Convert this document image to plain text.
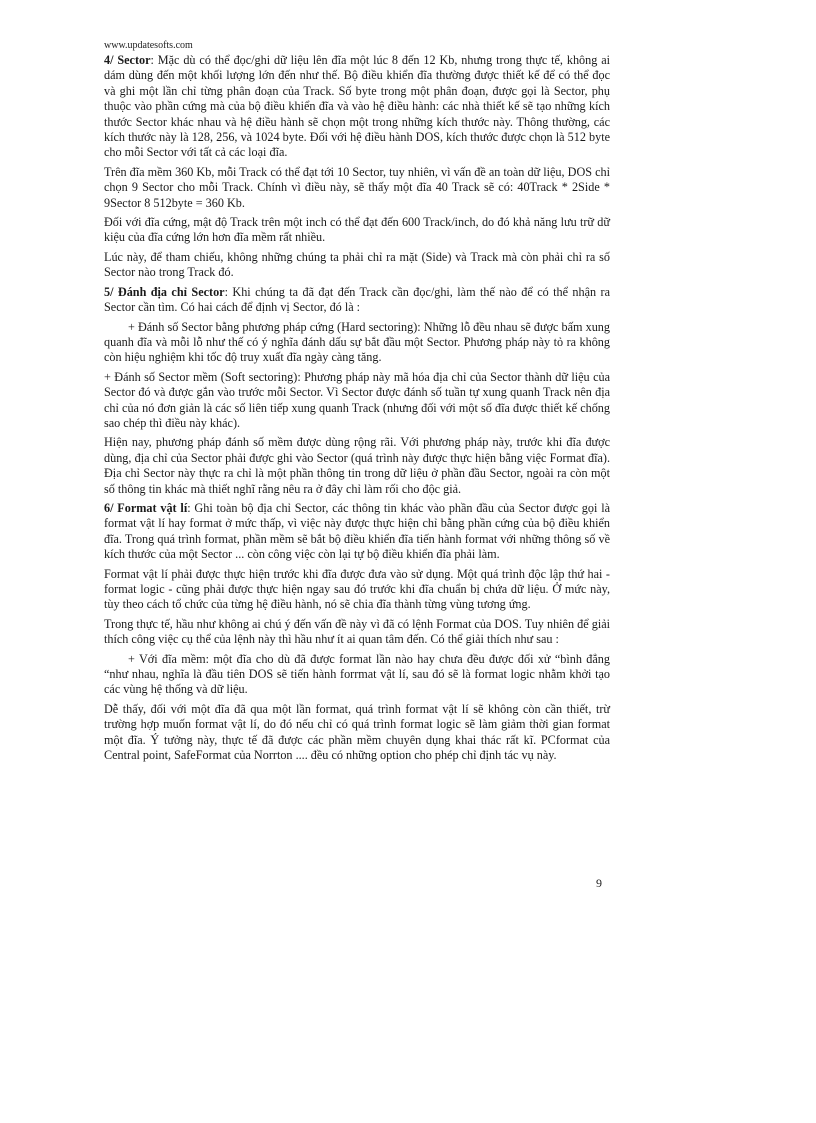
www.updatesofts.com

4/ Sector: Mặc dù có thể đọc/ghi dữ liệu lên đĩa một lúc 8 đến 12 Kb, nhưng trong thực tế, không ai dám dùng đến một khối lượng lớn đến như thế. Bộ điều khiển đĩa thường được thiết kế để có thể đọc và ghi một lần chỉ từng phân đoạn của Track. Số byte trong một phân đoạn, được gọi là Sector, phụ thuộc vào phần cứng mà của bộ điều khiển đĩa và vào hệ điều hành: các nhà thiết kế sẽ tạo những kích thước Sector khác nhau và hệ điều hành sẽ chọn một trong những kích thước này. Thông thường, các kích thước này là 128, 256, và 1024 byte. Đối với hệ điều hành DOS, kích thước được chọn là 512 byte cho mỗi Sector với tất cả các loại đĩa.

Trên đĩa mềm 360 Kb, mỗi Track có thể đạt tới 10 Sector, tuy nhiên, vì vấn đề an toàn dữ liệu, DOS chỉ chọn 9 Sector cho mỗi Track. Chính vì điều này, sẽ thấy một đĩa 40 Track sẽ có: 40Track * 2Side * 9Sector 8 512byte = 360 Kb.

Đối với đĩa cứng, mật độ Track trên một inch có thể đạt đến 600 Track/inch, do đó khả năng lưu trữ dữ kiệu của đĩa cứng lớn hơn đĩa mềm rất nhiều.

Lúc này, để tham chiếu, không những chúng ta phải chỉ ra mặt (Side) và Track mà còn phải chỉ ra số Sector nào trong Track đó.

5/ Đánh địa chỉ Sector: Khi chúng ta đã đạt đến Track cần đọc/ghi, làm thế nào để có thể nhận ra Sector cần tìm. Có hai cách để định vị Sector, đó là :

+ Đánh số Sector bằng phương pháp cứng (Hard sectoring): Những lỗ đều nhau sẽ được bấm xung quanh đĩa và mỗi lỗ như thế có ý nghĩa đánh dấu sự bắt đầu một Sector. Phương pháp này tỏ ra không còn hiệu nghiệm khi tốc độ truy xuất đĩa ngày càng tăng.

+ Đánh số Sector mềm (Soft sectoring): Phương pháp này mã hóa địa chỉ của Sector thành dữ liệu của Sector đó và được gắn vào trước mỗi Sector. Vì Sector được đánh số tuần tự xung quanh Track nên địa chỉ của nó đơn giản là các số liên tiếp xung quanh Track (nhưng đối với một số đĩa được thiết kế chống sao chép thì điều này khác).

Hiện nay, phương pháp đánh số mềm được dùng rộng rãi. Với phương pháp này, trước khi đĩa được dùng, địa chỉ của Sector phải được ghi vào Sector (quá trình này được thực hiện bằng việc Format đĩa). Địa chỉ Sector này thực ra chỉ là một phần thông tin trong dữ liệu ở phần đầu Sector, ngoài ra còn một số thông tin khác mà thiết nghĩ rằng nêu ra ở đây chỉ làm rối cho độc giả.

6/ Format vật lí: Ghi toàn bộ địa chỉ Sector, các thông tin khác vào phần đầu của Sector được gọi là format vật lí hay format ở mức thấp, vì việc này được thực hiện chỉ bằng phần cứng của bộ điều khiển đĩa. Trong quá trình format, phần mềm sẽ bắt bộ điều khiển đĩa tiến hành format với những thông số về kích thước của một Sector ... còn công việc còn lại tự bộ điều khiển đĩa phải làm.

Format vật lí phải được thực hiện trước khi đĩa được đưa vào sử dụng. Một quá trình độc lập thứ hai - format logic - cũng phải được thực hiện ngay sau đó trước khi đĩa chuẩn bị chứa dữ liệu. Ở mức này, tùy theo cách tổ chức của từng hệ điều hành, nó sẽ chia đĩa thành từng vùng tương ứng.

Trong thực tế, hầu như không ai chú ý đến vấn đề này vì đã có lệnh Format của DOS. Tuy nhiên để giải thích công việc cụ thể của lệnh này thì hầu như ít ai quan tâm đến. Có thể giải thích như sau :

+ Với đĩa mềm: một đĩa cho dù đã được format lần nào hay chưa đều được đối xử “bình đẳng “như nhau, nghĩa là đầu tiên DOS sẽ tiến hành forrmat vật lí, sau đó sẽ là format logic nhằm khởi tạo các vùng hệ thống và dữ liệu.

Dễ thấy, đối với một đĩa đã qua một lần format, quá trình format vật lí sẽ không còn cần thiết, trừ trường hợp muốn format vật lí, do đó nếu chỉ có quá trình format logic sẽ làm giảm thời gian format một đĩa. Ý tưởng này, thực tế đã được các phần mềm chuyên dụng khai thác rất kĩ. PCformat của Central point, SafeFormat của Norrton .... đều có những option cho phép chỉ định tác vụ này.

9
